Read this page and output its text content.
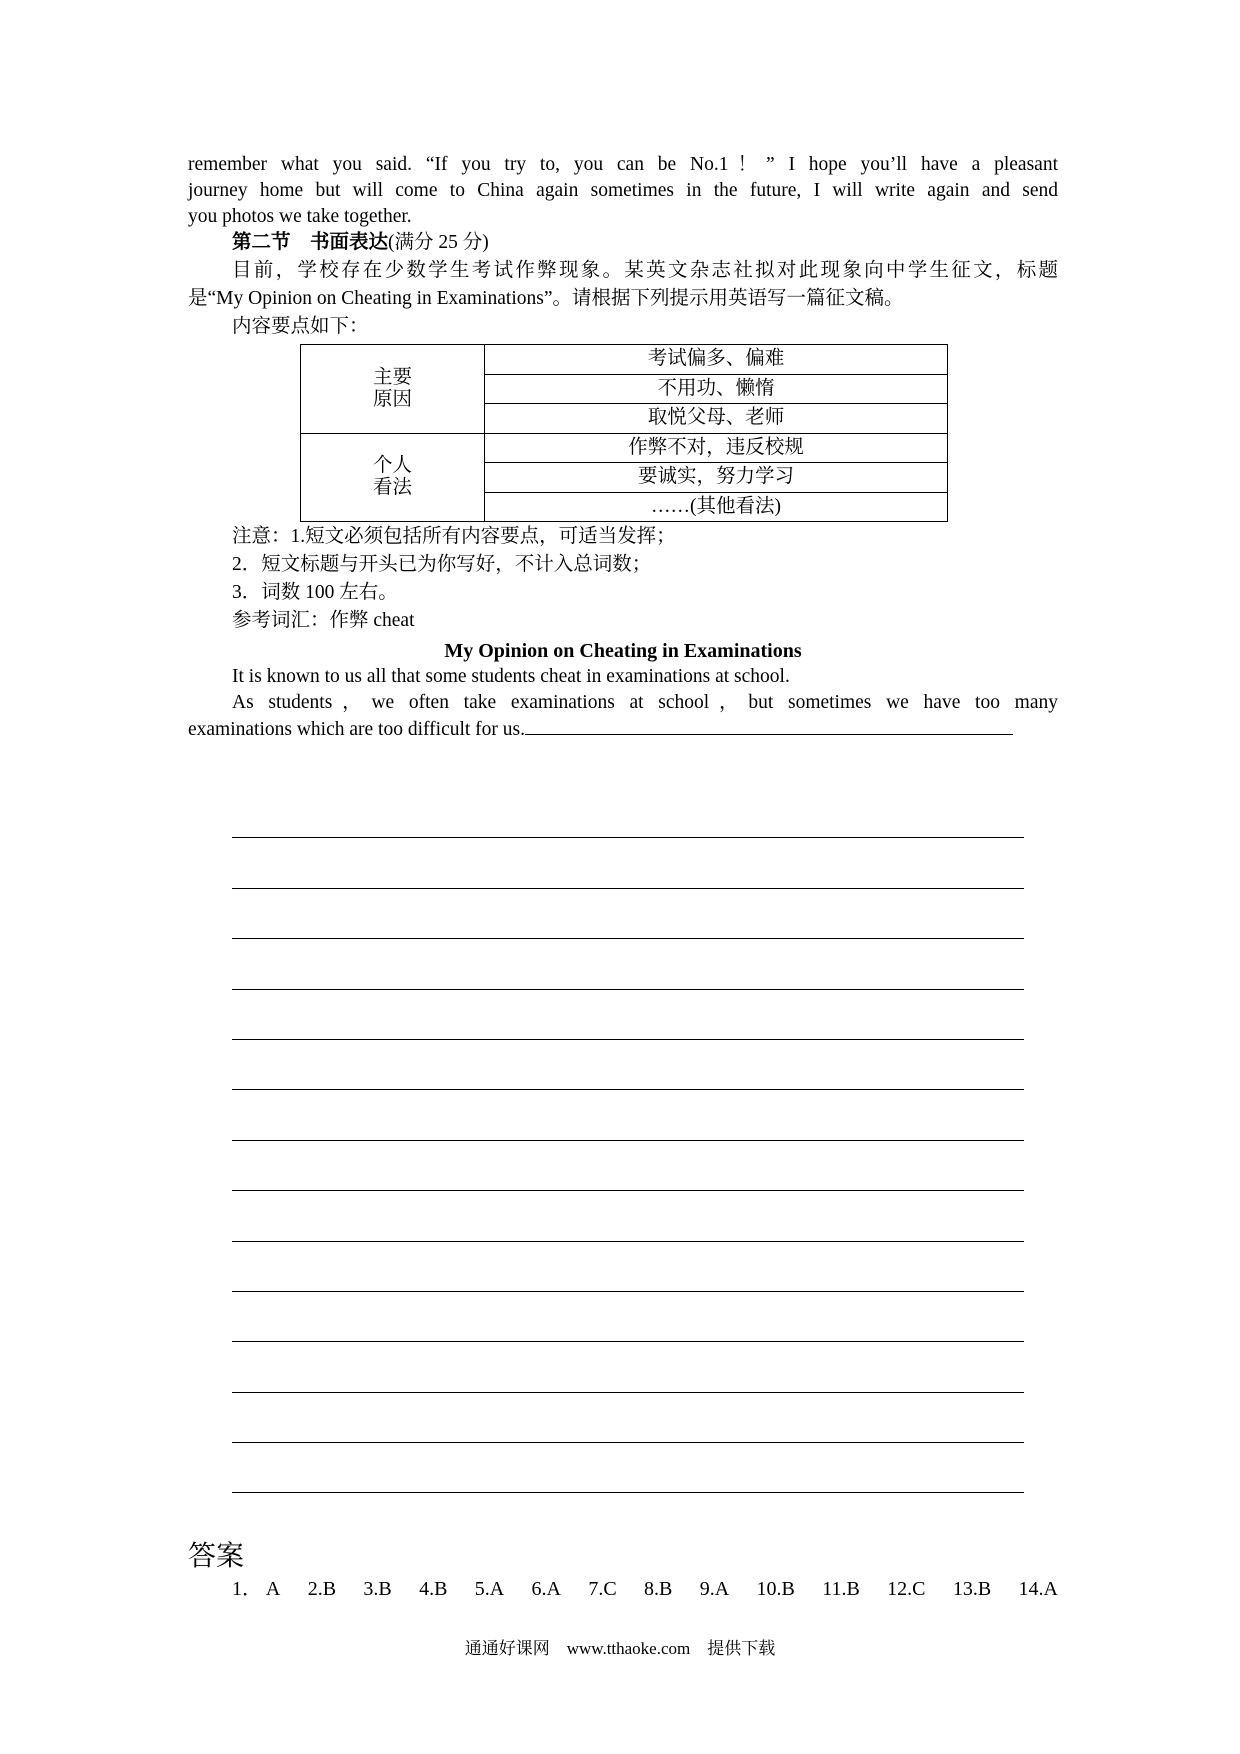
remember what you said. “If you try to, you can be No.1！” I hope you’ll have a pleasant
journey home but will come to China again sometimes in the future, I will write again and send
you photos we take together.
第二节　书面表达(满分 25 分)
目前，学校存在少数学生考试作弊现象。某英文杂志社拟对此现象向中学生征文，标题
是“My Opinion on Cheating in Examinations”。请根据下列提示用英语写一篇征文稿。
内容要点如下：
主要
原因	考试偏多、偏难
	不用功、懒惰
	取悦父母、老师

个人
看法	作弊不对，违反校规
	要诚实，努力学习
	……(其他看法)
注意：1.短文必须包括所有内容要点，可适当发挥；
2．短文标题与开头已为你写好，不计入总词数；
3．词数 100 左右。
参考词汇：作弊 cheat
My Opinion on Cheating in Examinations
It is known to us all that some students cheat in examinations at school.
As students，we often take examinations at school，but sometimes we have too many
examinations which are too difficult for us.
答案
1． A 2.B 3.B 4.B 5.A 6.A 7.C 8.B 9.A 10.B 11.B 12.C 13.B 14.A
通通好课网　www.tthaoke.com　提供下载
